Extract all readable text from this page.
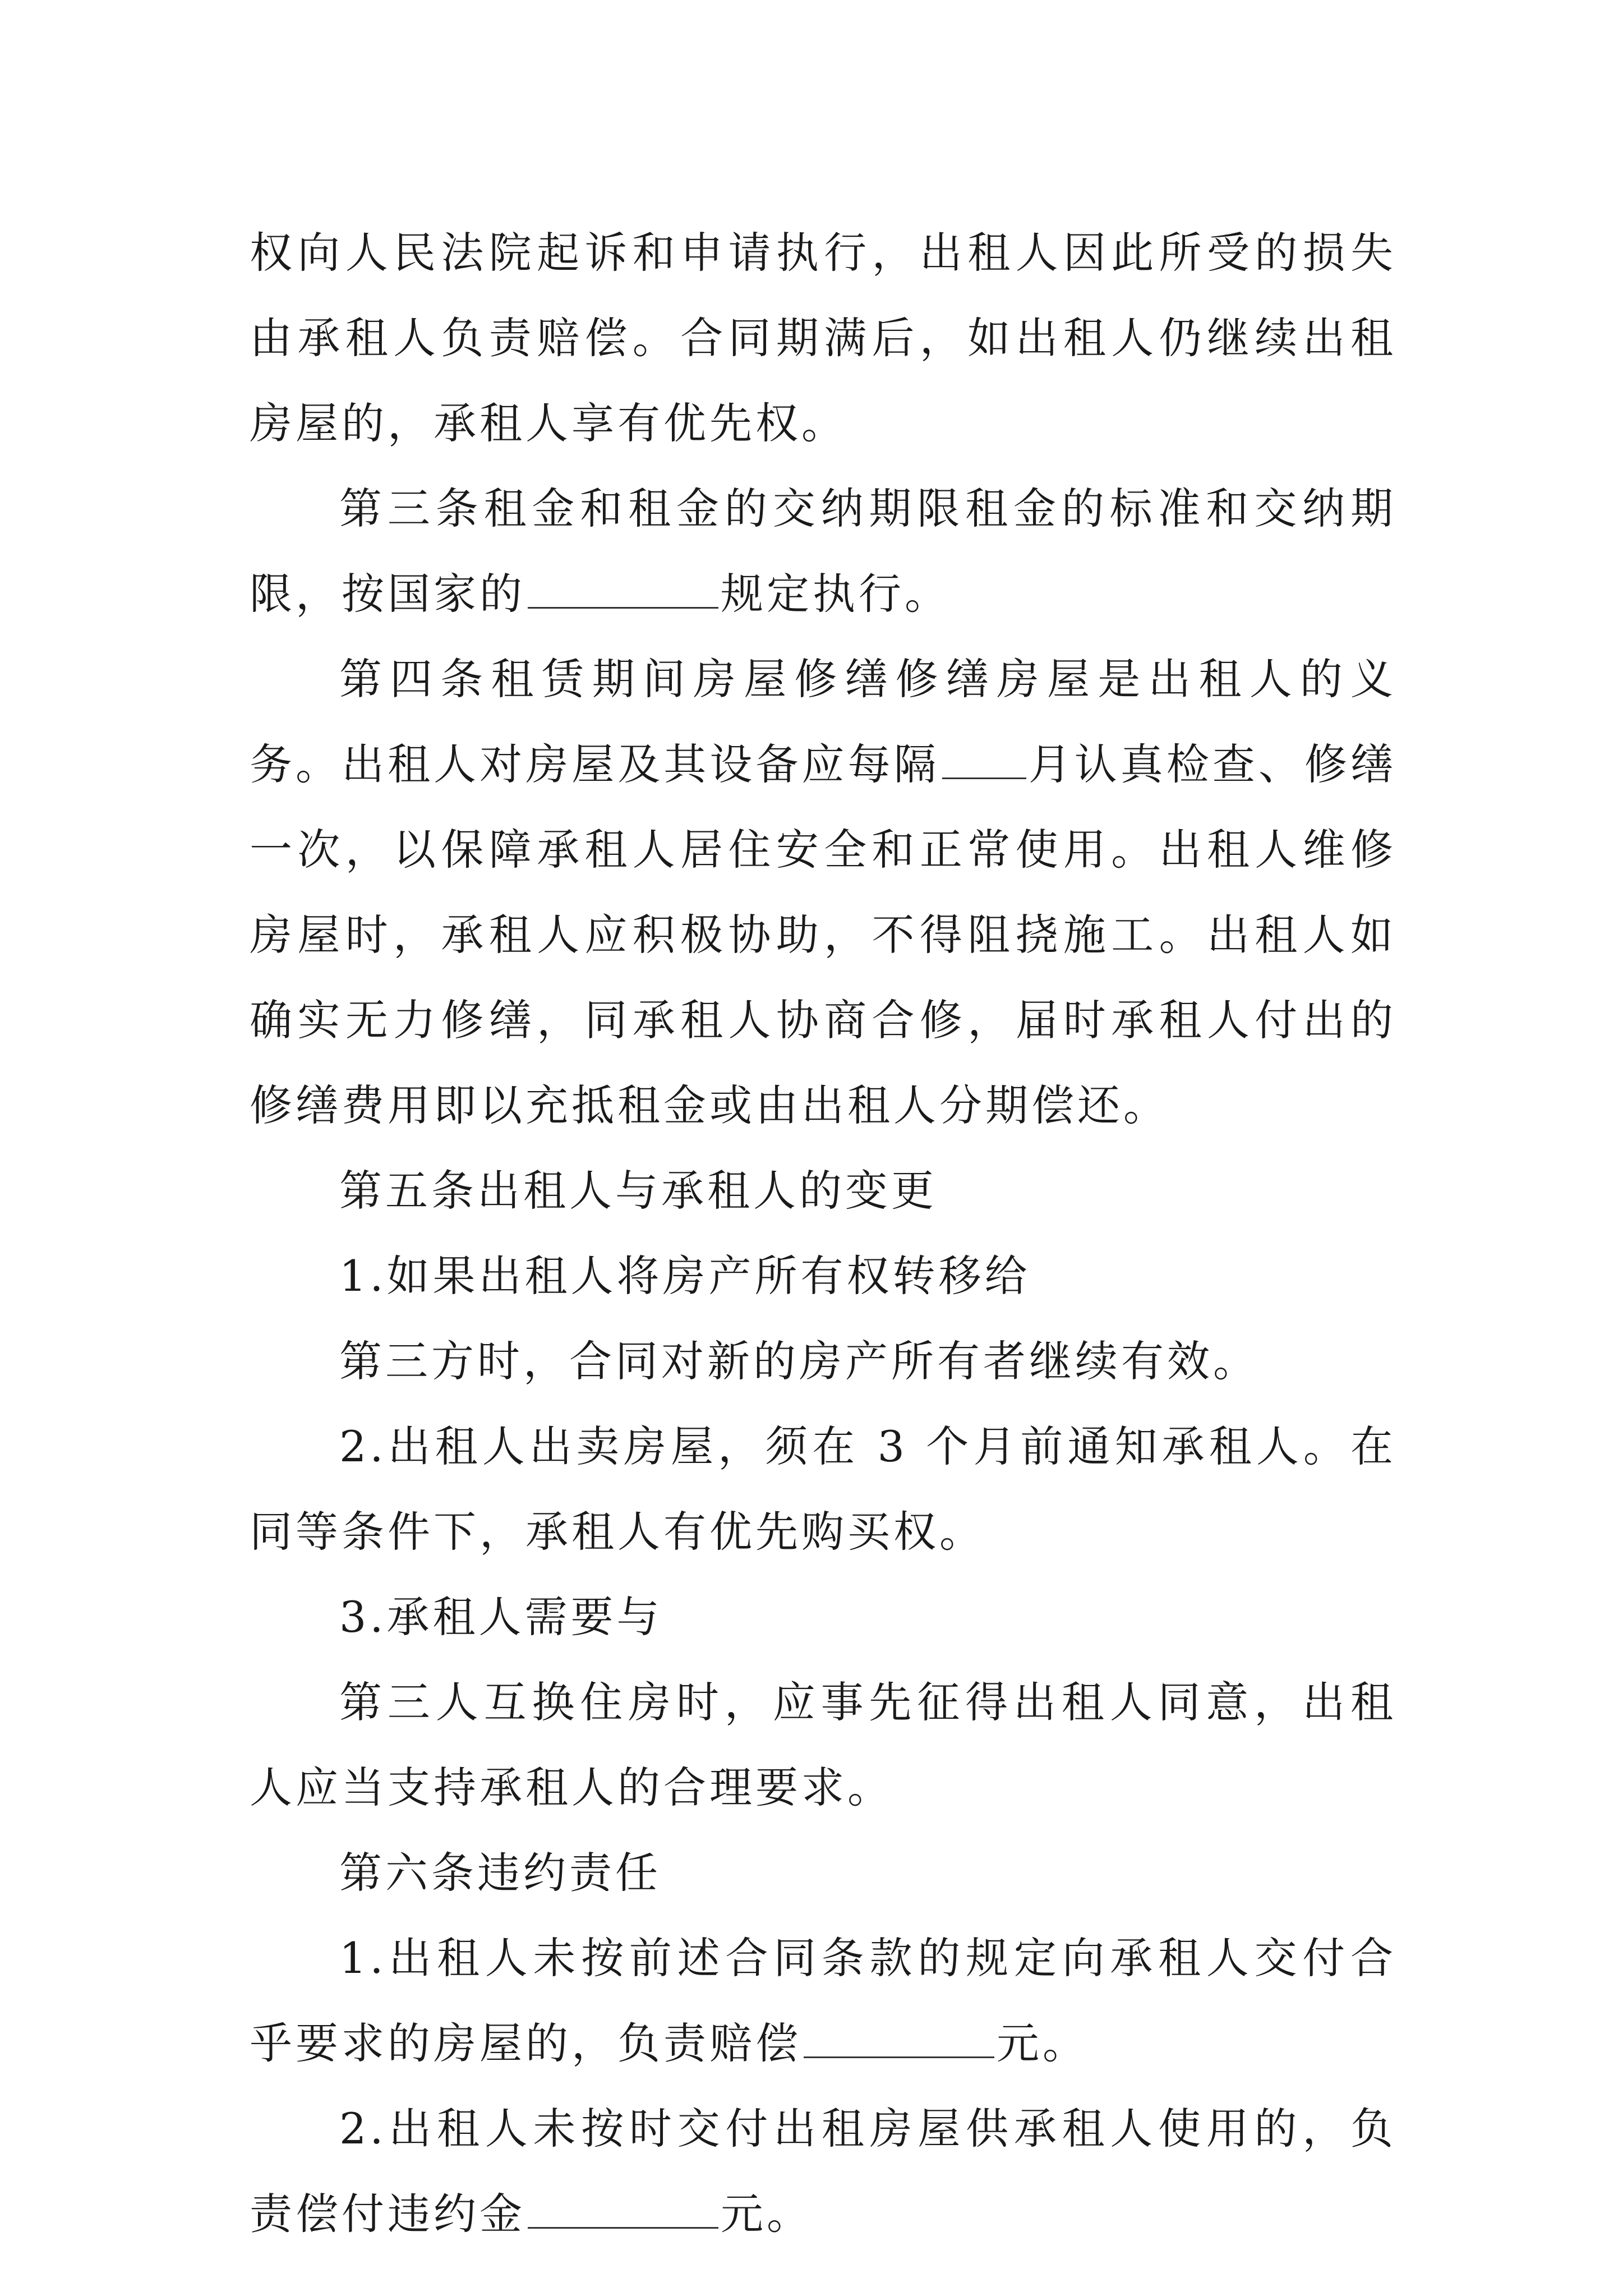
权向人民法院起诉和申请执行，出租人因此所受的损失由承租人负责赔偿。合同期满后，如出租人仍继续出租房屋的，承租人享有优先权。

第三条租金和租金的交纳期限租金的标准和交纳期限，按国家的	规定执行。

第四条租赁期间房屋修缮修缮房屋是出租人的义务。出租人对房屋及其设备应每隔 月认真检查、修缮一次，以保障承租人居住安全和正常使用。出租人维修房屋时，承租人应积极协助，不得阻挠施工。出租人如确实无力修缮，同承租人协商合修，届时承租人付出的修缮费用即以充抵租金或由出租人分期偿还。

第五条出租人与承租人的变更

1.如果出租人将房产所有权转移给

第三方时，合同对新的房产所有者继续有效。

2.出租人出卖房屋，须在 3 个月前通知承租人。在同等条件下，承租人有优先购买权。

3.承租人需要与

第三人互换住房时，应事先征得出租人同意，出租人应当支持承租人的合理要求。

第六条违约责任

1.出租人未按前述合同条款的规定向承租人交付合乎要求的房屋的，负责赔偿	元。

2.出租人未按时交付出租房屋供承租人使用的，负责偿付违约金	元。
